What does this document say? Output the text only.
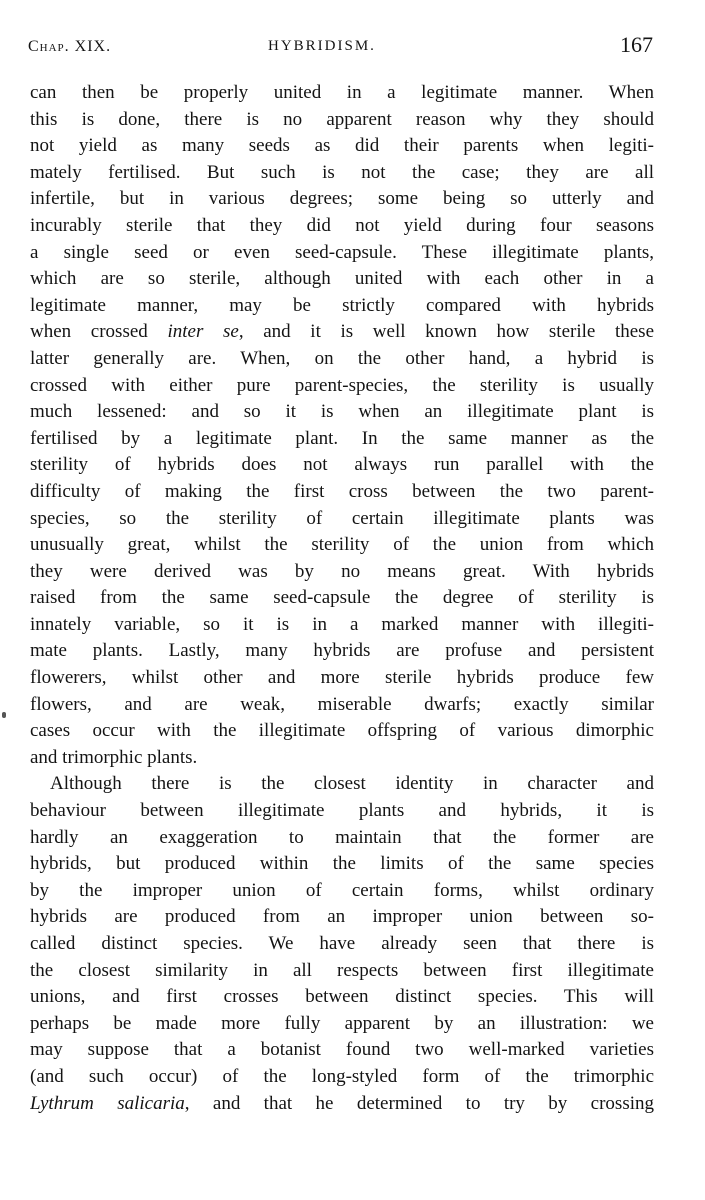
Chap. XIX.	HYBRIDISM.	167
can then be properly united in a legitimate manner. When
this is done, there is no apparent reason why they should
not yield as many seeds as did their parents when legiti-
mately fertilised. But such is not the case; they are all
infertile, but in various degrees; some being so utterly and
incurably sterile that they did not yield during four seasons
a single seed or even seed-capsule. These illegitimate plants,
which are so sterile, although united with each other in a
legitimate manner, may be strictly compared with hybrids
when crossed inter se, and it is well known how sterile these
latter generally are. When, on the other hand, a hybrid is
crossed with either pure parent-species, the sterility is usually
much lessened: and so it is when an illegitimate plant is
fertilised by a legitimate plant. In the same manner as the
sterility of hybrids does not always run parallel with the
difficulty of making the first cross between the two parent-
species, so the sterility of certain illegitimate plants was
unusually great, whilst the sterility of the union from which
they were derived was by no means great. With hybrids
raised from the same seed-capsule the degree of sterility is
innately variable, so it is in a marked manner with illegiti-
mate plants. Lastly, many hybrids are profuse and persistent
flowerers, whilst other and more sterile hybrids produce few
flowers, and are weak, miserable dwarfs; exactly similar
cases occur with the illegitimate offspring of various dimorphic
and trimorphic plants.
Although there is the closest identity in character and
behaviour between illegitimate plants and hybrids, it is
hardly an exaggeration to maintain that the former are
hybrids, but produced within the limits of the same species
by the improper union of certain forms, whilst ordinary
hybrids are produced from an improper union between so-
called distinct species. We have already seen that there is
the closest similarity in all respects between first illegitimate
unions, and first crosses between distinct species. This will
perhaps be made more fully apparent by an illustration: we
may suppose that a botanist found two well-marked varieties
(and such occur) of the long-styled form of the trimorphic
Lythrum salicaria, and that he determined to try by crossing
